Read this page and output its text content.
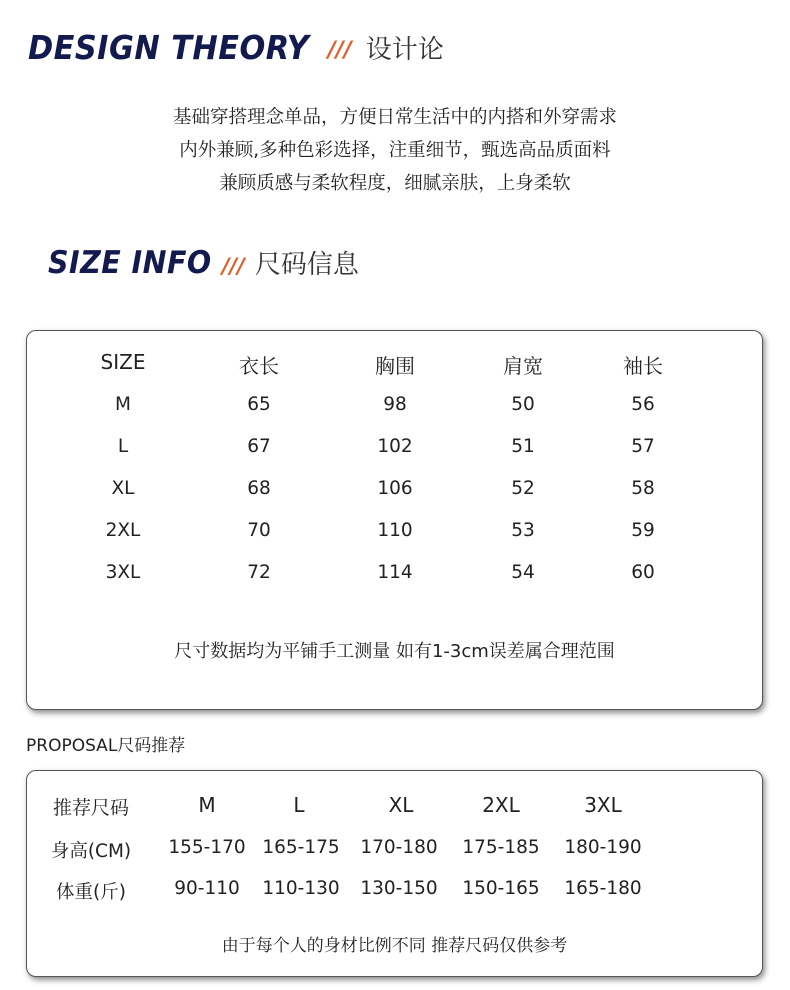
DESIGN THEORY /// 设计论
基础穿搭理念单品，方便日常生活中的内搭和外穿需求
内外兼顾,多种色彩选择，注重细节，甄选高品质面料
兼顾质感与柔软程度，细腻亲肤，上身柔软
SIZE INFO /// 尺码信息
SIZE	衣长	胸围	肩宽	袖长
M	65	98	50	56
L	67	102	51	57
XL	68	106	52	58
2XL	70	110	53	59
3XL	72	114	54	60
尺寸数据均为平铺手工测量 如有1-3cm误差属合理范围
PROPOSAL尺码推荐
推荐尺码	M	L	XL	2XL	3XL
身高(CM) 155-170 165-175 170-180 175-185 180-190
体重(斤)	90-110 110-130 130-150 150-165 165-180
由于每个人的身材比例不同 推荐尺码仅供参考
